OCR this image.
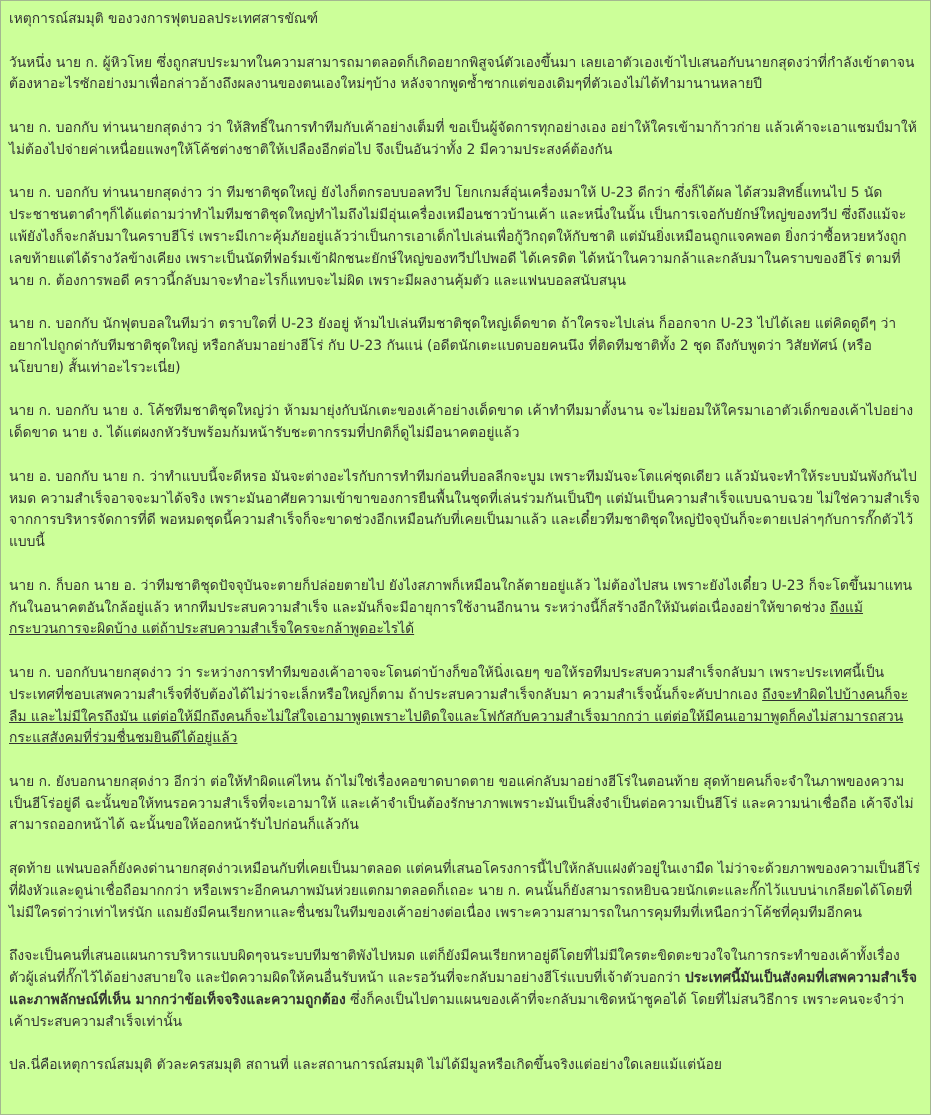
เหตุการณ์สมมุติ ของวงการฟุตบอลประเทศสารขัณฑ์
วันหนึ่ง นาย ก. ผู้หิวโหย ซึ่งถูกสบประมาทในความสามารถมาตลอดก็เกิดอยากพิสูจน์ตัวเองขึ้นมา เลยเอาตัวเองเข้าไปเสนอกับนายกสุดงว่าที่กำลังเข้าตาจน ต้องหาอะไรซักอย่างมาเพื่อกล่าวอ้างถึงผลงานของตนเองใหม่ๆบ้าง หลังจากพูดซ้ำซากแต่ของเดิมๆที่ตัวเองไม่ได้ทำมานานหลายปี
นาย ก. บอกกับ ท่านนายกสุดง่าว ว่า ให้สิทธิ์ในการทำทีมกับเค้าอย่างเต็มที่ ขอเป็นผู้จัดการทุกอย่างเอง อย่าให้ใครเข้ามาก้าวก่าย แล้วเค้าจะเอาแชมป์มาให้ ไม่ต้องไปจ่ายค่าเหนื่อยแพงๆให้โค้ชต่างชาติให้เปลืองอีกต่อไป จึงเป็นอันว่าทั้ง 2 มีความประสงค์ต้องกัน
นาย ก. บอกกับ ท่านนายกสุดง่าว ว่า ทีมชาติชุดใหญ่ ยังไงก็ตกรอบบอลทวีป โยกเกมส์อุ่นเครื่องมาให้ U-23 ดีกว่า ซึ่งก็ได้ผล ได้สวมสิทธิ์แทนไป 5 นัด ประชาชนตาดำๆก็ได้แต่ถามว่าทำไมทีมชาติชุดใหญ่ทำไมถึงไม่มีอุ่นเครื่องเหมือนชาวบ้านเค้า และหนึ่งในนั้น เป็นการเจอกับยักษ์ใหญ่ของทวีป ซึ่งถึงแม้จะแพ้ยังไงก็จะกลับมาในคราบฮีโร่ เพราะมีเกาะคุ้มภัยอยู่แล้วว่าเป็นการเอาเด็กไปเล่นเพื่อกู้วิกฤตให้กับชาติ แต่มันยิ่งเหมือนถูกแจคพอต ยิ่งกว่าซื้อหวยหวังถูกเลขท้ายแต่ได้รางวัลข้างเคียง เพราะเป็นนัดที่ฟอร์มเข้าฝักชนะยักษ์ใหญ่ของทวีปไปพอดี ได้เครดิต ได้หน้าในความกล้าและกลับมาในคราบของฮีโร่ ตามที่นาย ก. ต้องการพอดี คราวนี้กลับมาจะทำอะไรก็แทบจะไม่ผิด เพราะมีผลงานคุ้มตัว และแฟนบอลสนับสนุน
นาย ก. บอกกับ นักฟุตบอลในทีมว่า ตราบใดที่ U-23 ยังอยู่ ห้ามไปเล่นทีมชาติชุดใหญ่เด็ดขาด ถ้าใครจะไปเล่น ก็ออกจาก U-23 ไปได้เลย แต่คิดดูดีๆ ว่าอยากไปถูกด่ากับทีมชาติชุดใหญ่ หรือกลับมาอย่างฮีโร่ กับ U-23 กันแน่ (อดีตนักเตะแบดบอยคนนึง ที่ติดทีมชาติทั้ง 2 ชุด ถึงกับพูดว่า วิสัยทัศน์ (หรือนโยบาย) สั้นเท่าอะไรวะเนี่ย)
นาย ก. บอกกับ นาย ง. โค้ชทีมชาติชุดใหญ่ว่า ห้ามมายุ่งกับนักเตะของเค้าอย่างเด็ดขาด เค้าทำทีมมาตั้งนาน จะไม่ยอมให้ใครมาเอาตัวเด็กของเค้าไปอย่างเด็ดขาด นาย ง. ได้แต่ผงกหัวรับพร้อมก้มหน้ารับชะตากรรมที่ปกติก็ดูไม่มีอนาคตอยู่แล้ว
นาย อ. บอกกับ นาย ก. ว่าทำแบบนี้จะดีหรอ มันจะต่างอะไรกับการทำทีมก่อนที่บอลลีกจะบูม เพราะทีมมันจะโตแค่ชุดเดียว แล้วมันจะทำให้ระบบมันพังกันไปหมด ความสำเร็จอาจจะมาได้จริง เพราะมันอาศัยความเข้าขาของการยืนพื้นในชุดที่เล่นร่วมกันเป็นปีๆ แต่มันเป็นความสำเร็จแบบฉาบฉวย ไม่ใช่ความสำเร็จจากการบริหารจัดการที่ดี พอหมดชุดนี้ความสำเร็จก็จะขาดช่วงอีกเหมือนกับที่เคยเป็นมาแล้ว และเดี๋ยวทีมชาติชุดใหญ่ปัจจุบันก็จะตายเปล่าๆกับการกั๊กตัวไว้แบบนี้
นาย ก. ก็บอก นาย อ. ว่าทีมชาติชุดปัจจุบันจะตายก็ปล่อยตายไป ยังไงสภาพก็เหมือนใกล้ตายอยู่แล้ว ไม่ต้องไปสน เพราะยังไงเดี๋ยว U-23 ก็จะโตขึ้นมาแทนกันในอนาคตอันใกล้อยู่แล้ว หากทีมประสบความสำเร็จ และมันก็จะมีอายุการใช้งานอีกนาน ระหว่างนี้ก็สร้างอีกให้มันต่อเนื่องอย่าให้ขาดช่วง ถึงแม้กระบวนการจะผิดบ้าง แต่ถ้าประสบความสำเร็จใครจะกล้าพูดอะไรได้
นาย ก. บอกกับนายกสุดง่าว ว่า ระหว่างการทำทีมของเค้าอาจจะโดนด่าบ้างก็ขอให้นิ่งเฉยๆ ขอให้รอทีมประสบความสำเร็จกลับมา เพราะประเทศนี้เป็นประเทศที่ชอบเสพความสำเร็จที่จับต้องได้ไม่ว่าจะเล็กหรือใหญ่ก็ตาม ถ้าประสบความสำเร็จกลับมา ความสำเร็จนั้นก็จะคับปากเอง ถึงจะทำผิดไปบ้างคนก็จะลืม และไม่มีใครถึงมัน แต่ต่อให้มีกถึงคนก็จะไม่ใส่ใจเอามาพูดเพราะไปติดใจและโฟกัสกับความสำเร็จมากกว่า แต่ต่อให้มีคนเอามาพูดก็คงไม่สามารถสวนกระแสสังคมที่ร่วมชื่นชมยินดีได้อยู่แล้ว
นาย ก. ยังบอกนายกสุดง่าว อีกว่า ต่อให้ทำผิดแค่ไหน ถ้าไม่ใช่เรื่องคอขาดบาดตาย ขอแค่กลับมาอย่างฮีโร่ในตอนท้าย สุดท้ายคนก็จะจำในภาพของความเป็นฮีโร่อยู่ดี ฉะนั้นขอให้ทนรอความสำเร็จที่จะเอามาให้ และเค้าจำเป็นต้องรักษาภาพเพราะมันเป็นสิ่งจำเป็นต่อความเป็นฮีโร่ และความน่าเชื่อถือ เค้าจึงไม่สามารถออกหน้าได้ ฉะนั้นขอให้ออกหน้ารับไปก่อนก็แล้วกัน
สุดท้าย แฟนบอลก็ยังคงด่านายกสุดง่าวเหมือนกับที่เคยเป็นมาตลอด แต่คนที่เสนอโครงการนี้ไปให้กลับแฝงตัวอยู่ในเงามืด ไม่ว่าจะด้วยภาพของความเป็นฮีโร่ที่ฝังหัวและดูน่าเชื่อถือมากกว่า หรือเพราะอีกคนภาพมันห่วยแตกมาตลอดก็เถอะ นาย ก. คนนั้นก็ยังสามารถหยิบฉวยนักเตะและกั๊กไว้แบบน่าเกลียดได้โดยที่ไม่มีใครด่าว่าเท่าไหร่นัก แถมยังมีคนเรียกหาและชื่นชมในทีมของเค้าอย่างต่อเนื่อง เพราะความสามารถในการคุมทีมที่เหนือกว่าโค้ชที่คุมทีมอีกคน
ถึงจะเป็นคนที่เสนอแผนการบริหารแบบผิดๆจนระบบทีมชาติพังไปหมด แต่ก็ยังมีคนเรียกหาอยู่ดีโดยที่ไม่มีใครตะขิดตะขวงใจในการกระทำของเค้าทั้งเรื่องตัวผู้เล่นที่กั๊กไว้ได้อย่างสบายใจ และปัดความผิดให้คนอื่นรับหน้า และรอวันที่จะกลับมาอย่างฮีโร่แบบที่เจ้าตัวบอกว่า ประเทศนี้มันเป็นสังคมที่เสพความสำเร็จและภาพลักษณ์ที่เห็น มากกว่าข้อเท็จจริงและความถูกต้อง ซึ่งก็คงเป็นไปตามแผนของเค้าที่จะกลับมาเชิดหน้าชูคอได้ โดยที่ไม่สนวิธีการ เพราะคนจะจำว่าเค้าประสบความสำเร็จเท่านั้น
ปล.นี่คือเหตุการณ์สมมุติ ตัวละครสมมุติ สถานที่ และสถานการณ์สมมุติ ไม่ได้มีมูลหรือเกิดขึ้นจริงแต่อย่างใดเลยแม้แต่น้อย
